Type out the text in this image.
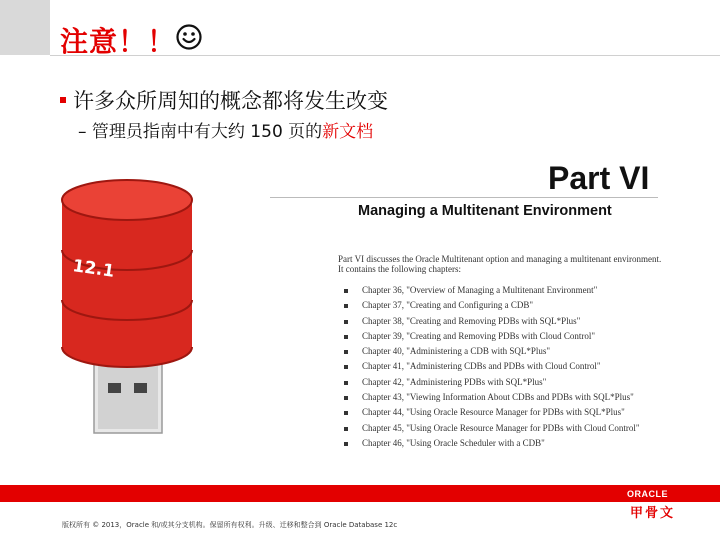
注意！！
许多众所周知的概念都将发生改变
– 管理员指南中有大约 150 页的新文档
12.1
Part VI
Managing a Multitenant Environment
Part VI discusses the Oracle Multitenant option and managing a multitenant environment. It contains the following chapters:
Chapter 36, "Overview of Managing a Multitenant Environment"
Chapter 37, "Creating and Configuring a CDB"
Chapter 38, "Creating and Removing PDBs with SQL*Plus"
Chapter 39, "Creating and Removing PDBs with Cloud Control"
Chapter 40, "Administering a CDB with SQL*Plus"
Chapter 41, "Administering CDBs and PDBs with Cloud Control"
Chapter 42, "Administering PDBs with SQL*Plus"
Chapter 43, "Viewing Information About CDBs and PDBs with SQL*Plus"
Chapter 44, "Using Oracle Resource Manager for PDBs with SQL*Plus"
Chapter 45, "Using Oracle Resource Manager for PDBs with Cloud Control"
Chapter 46, "Using Oracle Scheduler with a CDB"
ORACLE
甲骨文
版权所有 © 2013，Oracle 和/或其分支机构。保留所有权利。升级、迁移和整合到 Oracle Database 12c
